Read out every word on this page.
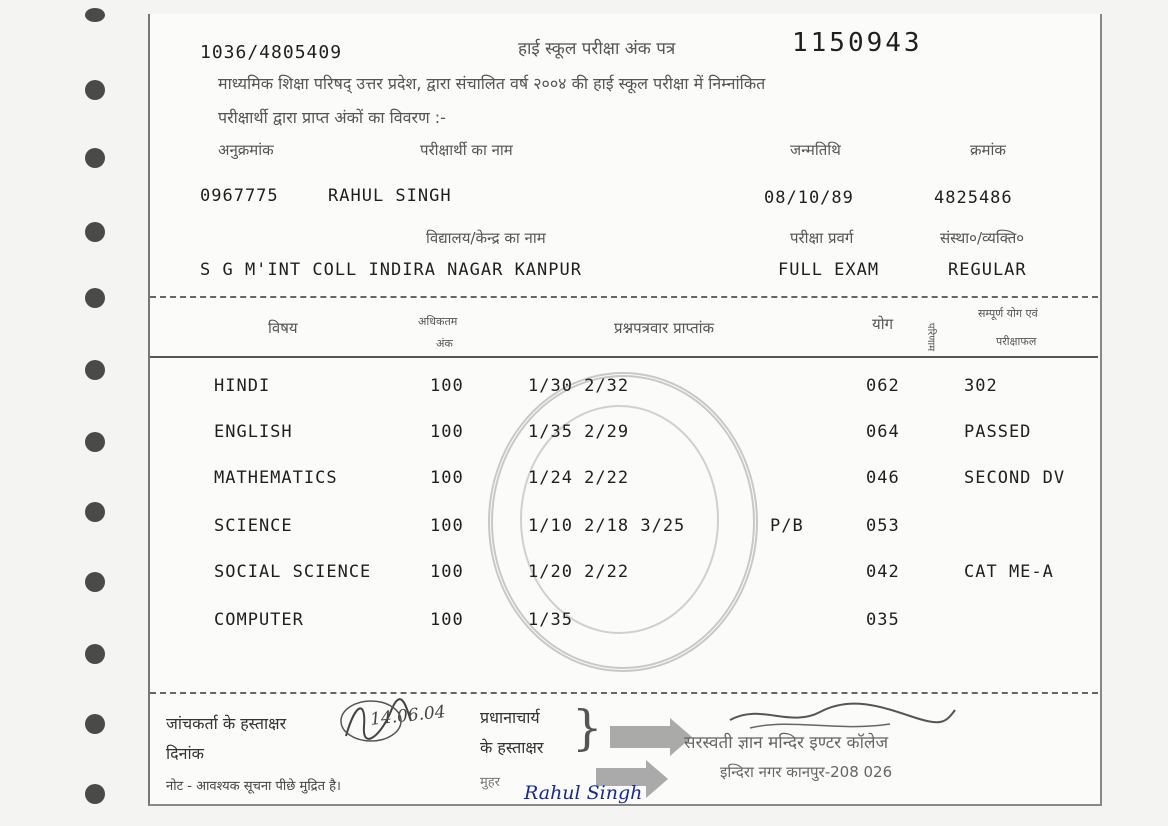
1036/4805409	हाई स्कूल परीक्षा अंक पत्र	1150943
माध्यमिक शिक्षा परिषद् उत्तर प्रदेश, द्वारा संचालित वर्ष २००४ की हाई स्कूल परीक्षा में निम्नांकित
परीक्षार्थी द्वारा प्राप्त अंकों का विवरण :-
अनुक्रमांक	परीक्षार्थी का नाम	जन्मतिथि	क्रमांक
0967775	RAHUL SINGH	08/10/89	4825486
विद्यालय/केन्द्र का नाम	परीक्षा प्रवर्ग	संस्था०/व्यक्ति०
S G M'INT COLL INDIRA NAGAR KANPUR	FULL EXAM	REGULAR
विषय	अधिकतम
अंक
प्रश्नपत्रवार प्राप्तांक	योग	परिणाम
सम्पूर्ण योग एवं
परीक्षाफल
HINDI	100	1/30 2/32	062	302
ENGLISH	100	1/35 2/29	064	PASSED
MATHEMATICS	100	1/24 2/22	046	SECOND DV
SCIENCE	100	1/10 2/18 3/25	P/B	053
SOCIAL SCIENCE	100	1/20 2/22	042	CAT ME-A
COMPUTER	100	1/35	035
जांचकर्ता के हस्ताक्षर	14.06.04
दिनांक
प्रधानाचार्य
के हस्ताक्षर }	सरस्वती ज्ञान मन्दिर इण्टर कॉलेज
इन्दिरा नगर कानपुर-208 026
नोट - आवश्यक सूचना पीछे मुद्रित है।	मुहर Rahul Singh
